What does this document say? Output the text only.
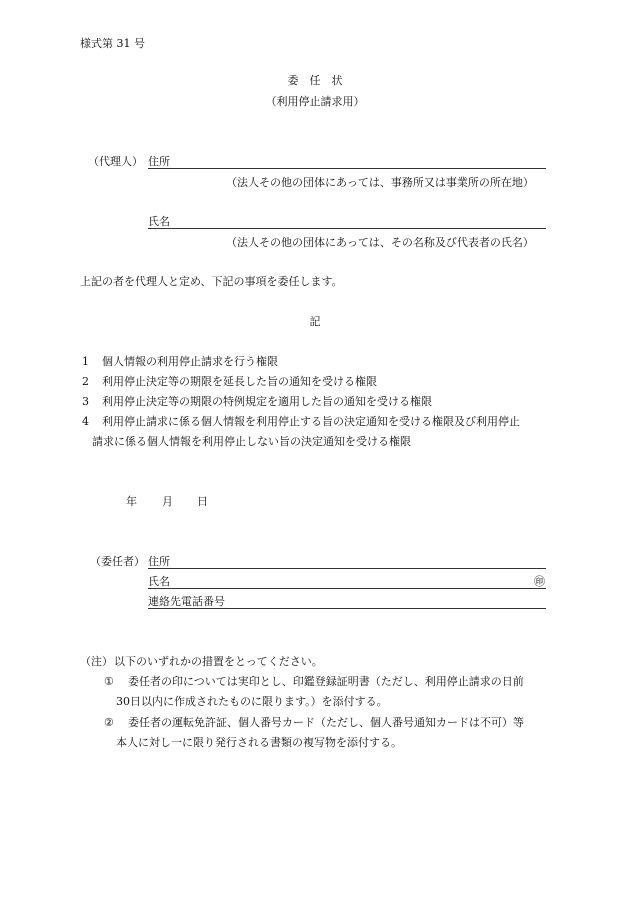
様式第 31 号
委　任　状
（利用停止請求用）
（代理人） 住所
（法人その他の団体にあっては、事務所又は事業所の所在地）
氏名
（法人その他の団体にあっては、その名称及び代表者の氏名）
上記の者を代理人と定め、下記の事項を委任します。
記
1 個人情報の利用停止請求を行う権限
2 利用停止決定等の期限を延長した旨の通知を受ける権限
3 利用停止決定等の期限の特例規定を適用した旨の通知を受ける権限
4 利用停止請求に係る個人情報を利用停止する旨の決定通知を受ける権限及び利用停止
請求に係る個人情報を利用停止しない旨の決定通知を受ける権限
年 月 日
（委任者） 住所
氏名	㊞
連絡先電話番号
（注） 以下のいずれかの措置をとってください。
① 委任者の印については実印とし、印鑑登録証明書（ただし、利用停止請求の日前
30日以内に作成されたものに限ります。）を添付する。
② 委任者の運転免許証、個人番号カード（ただし、個人番号通知カードは不可）等
本人に対し一に限り発行される書類の複写物を添付する。
